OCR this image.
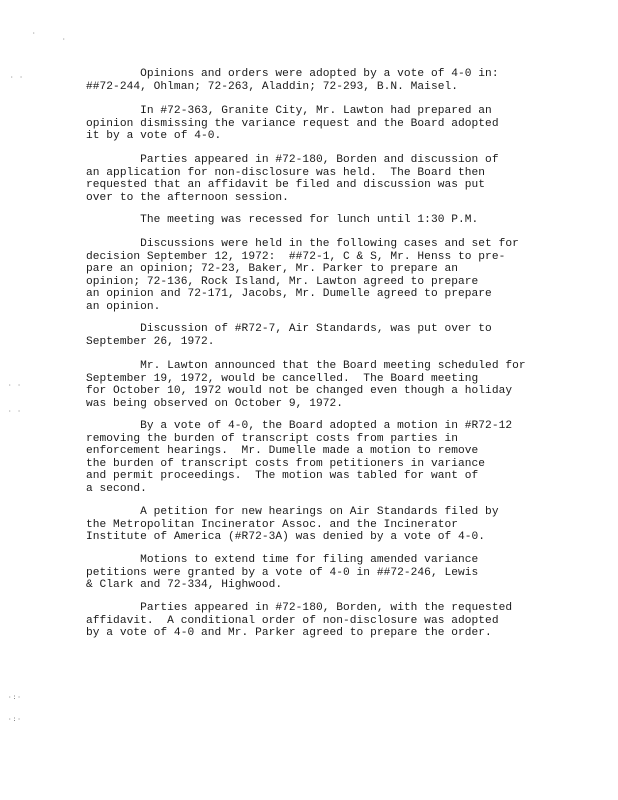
·
·
· ·
· ·
· ·
·:·
·:·
Opinions and orders were adopted by a vote of 4-0 in:
##72-244, Ohlman; 72-263, Aladdin; 72-293, B.N. Maisel.
In #72-363, Granite City, Mr. Lawton had prepared an
opinion dismissing the variance request and the Board adopted
it by a vote of 4-0.
Parties appeared in #72-180, Borden and discussion of
an application for non-disclosure was held.  The Board then
requested that an affidavit be filed and discussion was put
over to the afternoon session.
The meeting was recessed for lunch until 1:30 P.M.
Discussions were held in the following cases and set for
decision September 12, 1972:  ##72-1, C & S, Mr. Henss to pre-
pare an opinion; 72-23, Baker, Mr. Parker to prepare an
opinion; 72-136, Rock Island, Mr. Lawton agreed to prepare
an opinion and 72-171, Jacobs, Mr. Dumelle agreed to prepare
an opinion.
Discussion of #R72-7, Air Standards, was put over to
September 26, 1972.
Mr. Lawton announced that the Board meeting scheduled for
September 19, 1972, would be cancelled.  The Board meeting
for October 10, 1972 would not be changed even though a holiday
was being observed on October 9, 1972.
By a vote of 4-0, the Board adopted a motion in #R72-12
removing the burden of transcript costs from parties in
enforcement hearings.  Mr. Dumelle made a motion to remove
the burden of transcript costs from petitioners in variance
and permit proceedings.  The motion was tabled for want of
a second.
A petition for new hearings on Air Standards filed by
the Metropolitan Incinerator Assoc. and the Incinerator
Institute of America (#R72-3A) was denied by a vote of 4-0.
Motions to extend time for filing amended variance
petitions were granted by a vote of 4-0 in ##72-246, Lewis
& Clark and 72-334, Highwood.
Parties appeared in #72-180, Borden, with the requested
affidavit.  A conditional order of non-disclosure was adopted
by a vote of 4-0 and Mr. Parker agreed to prepare the order.
